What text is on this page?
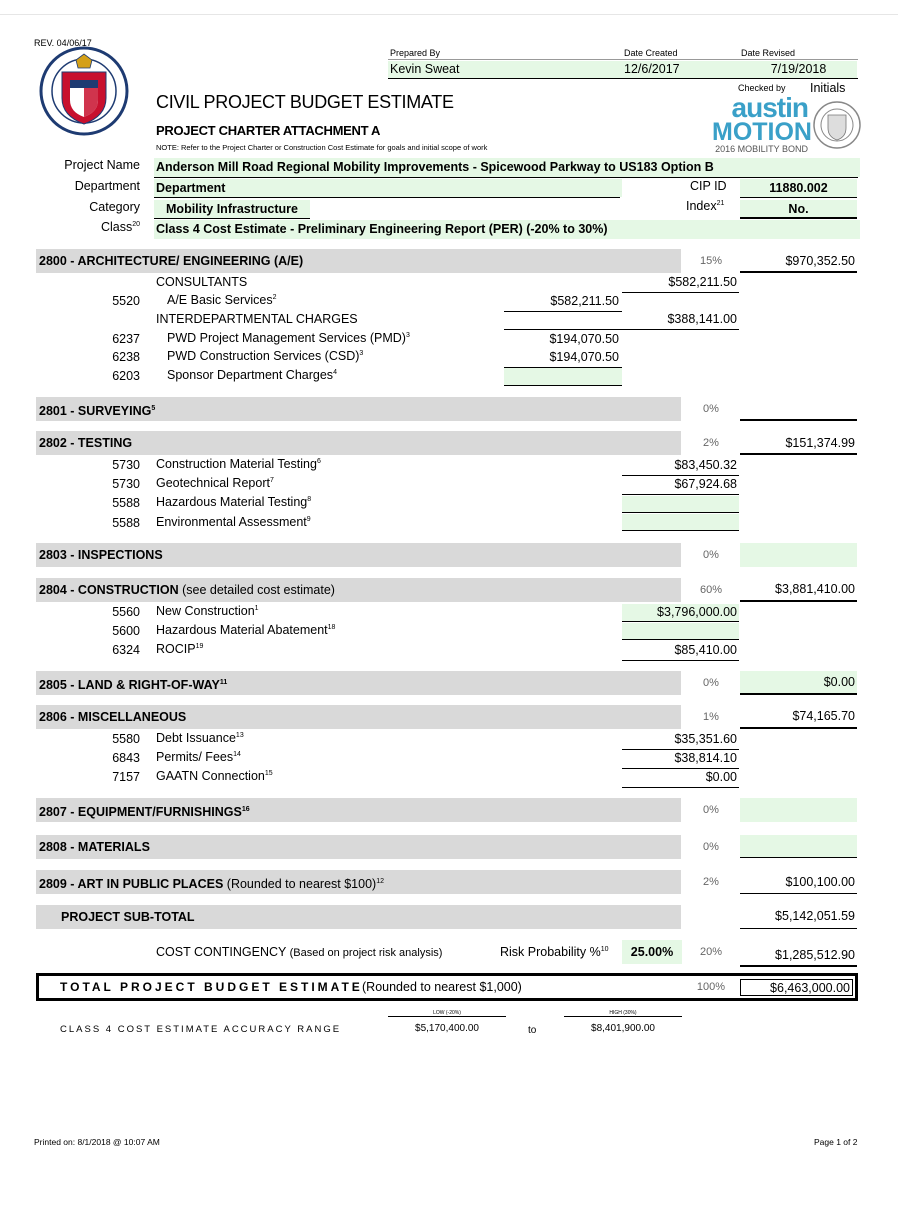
REV. 04/06/17
Prepared By
Kevin Sweat
Date Created
12/6/2017
Date Revised
7/19/2018
Checked by Initials
CIVIL PROJECT BUDGET ESTIMATE
PROJECT CHARTER ATTACHMENT A
NOTE: Refer to the Project Charter or Construction Cost Estimate for goals and initial scope of work
austin
MOTION
2016 MOBILITY BOND
Project Name Anderson Mill Road Regional Mobility Improvements - Spicewood Parkway to US183 Option B
Department Department	CIP ID	11880.002
Category	Mobility Infrastructure	Index$^{21}$	No.
Class$^{20}$ Class 4 Cost Estimate - Preliminary Engineering Report (PER) (-20% to 30%)
2800 - ARCHITECTURE/ ENGINEERING (A/E)	15%	$970,352.50
CONSULTANTS	$582,211.50
5520 A/E Basic Services$^2$	$582,211.50
INTERDEPARTMENTAL CHARGES	$388,141.00
6237 PWD Project Management Services (PMD)$^3$	$194,070.50
6238 PWD Construction Services (CSD)$^3$	$194,070.50
6203 Sponsor Department Charges$^4$
2801 - SURVEYING$^5$	0%
2802 - TESTING	2%	$151,374.99
5730 Construction Material Testing$^6$	$83,450.32
5730 Geotechnical Report$^7$	$67,924.68
5588 Hazardous Material Testing$^8$
5588 Environmental Assessment$^9$
2803 - INSPECTIONS	0%
2804 - CONSTRUCTION (see detailed cost estimate)	60%	$3,881,410.00
5560 New Construction$^1$	$3,796,000.00
5600 Hazardous Material Abatement$^{18}$
6324 ROCIP$^{19}$	$85,410.00
2805 - LAND & RIGHT-OF-WAY$^{11}$	0%	$0.00
2806 - MISCELLANEOUS	1%	$74,165.70
5580 Debt Issuance$^{13}$	$35,351.60
6843 Permits/ Fees$^{14}$	$38,814.10
7157 GAATN Connection$^{15}$	$0.00
2807 - EQUIPMENT/FURNISHINGS$^{16}$	0%
2808 - MATERIALS	0%
2809 - ART IN PUBLIC PLACES (Rounded to nearest $100)$^{12}$	2%	$100,100.00
PROJECT SUB-TOTAL	$5,142,051.59
COST CONTINGENCY (Based on project risk analysis)	Risk Probability %$^{10}$	25.00%	20%	$1,285,512.90
TOTAL PROJECT BUDGET ESTIMATE (Rounded to nearest $1,000)	100%	$6,463,000.00
CLASS 4 COST ESTIMATE ACCURACY RANGE
LOW (-20%)
$5,170,400.00	to
HIGH (30%)
$8,401,900.00
Printed on: 8/1/2018 @ 10:07 AM	Page 1 of 2
